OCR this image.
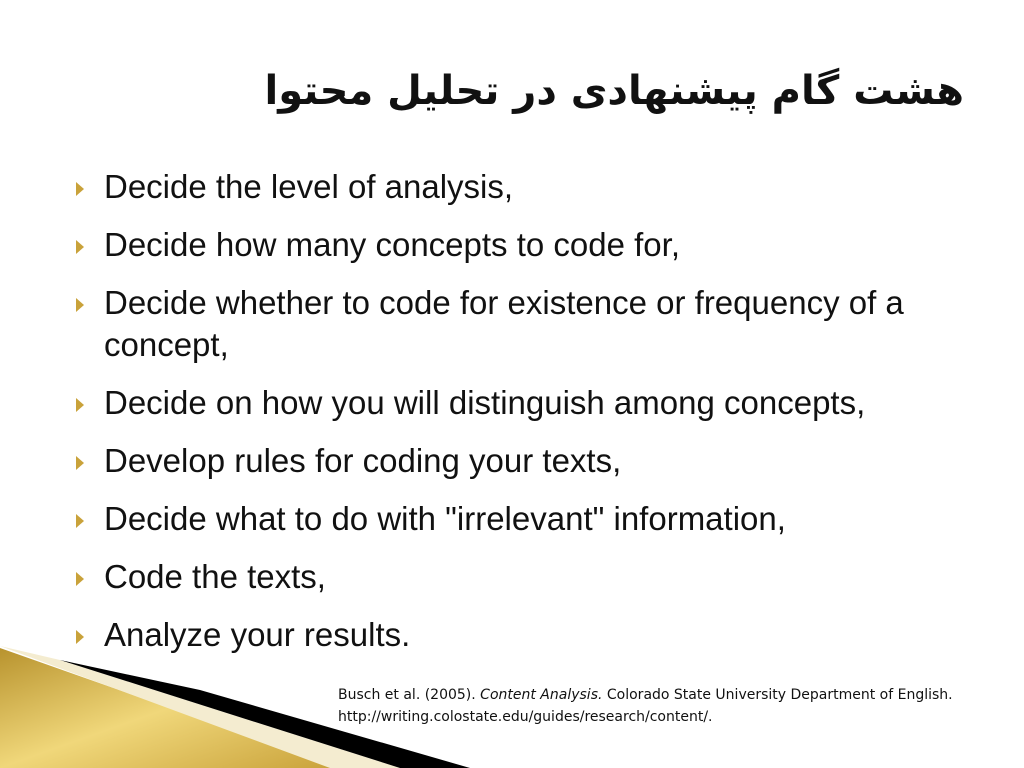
هشت گام پیشنهادی در تحلیل محتوا
Decide the level of analysis,
Decide how many concepts to code for,
Decide whether to code for existence or frequency of a concept,
Decide on how you will distinguish among concepts,
Develop rules for coding your texts,
Decide what to do with "irrelevant" information,
Code the texts,
Analyze your results.
Busch et al. (2005). Content Analysis. Colorado State University Department of English. http://writing.colostate.edu/guides/research/content/.
